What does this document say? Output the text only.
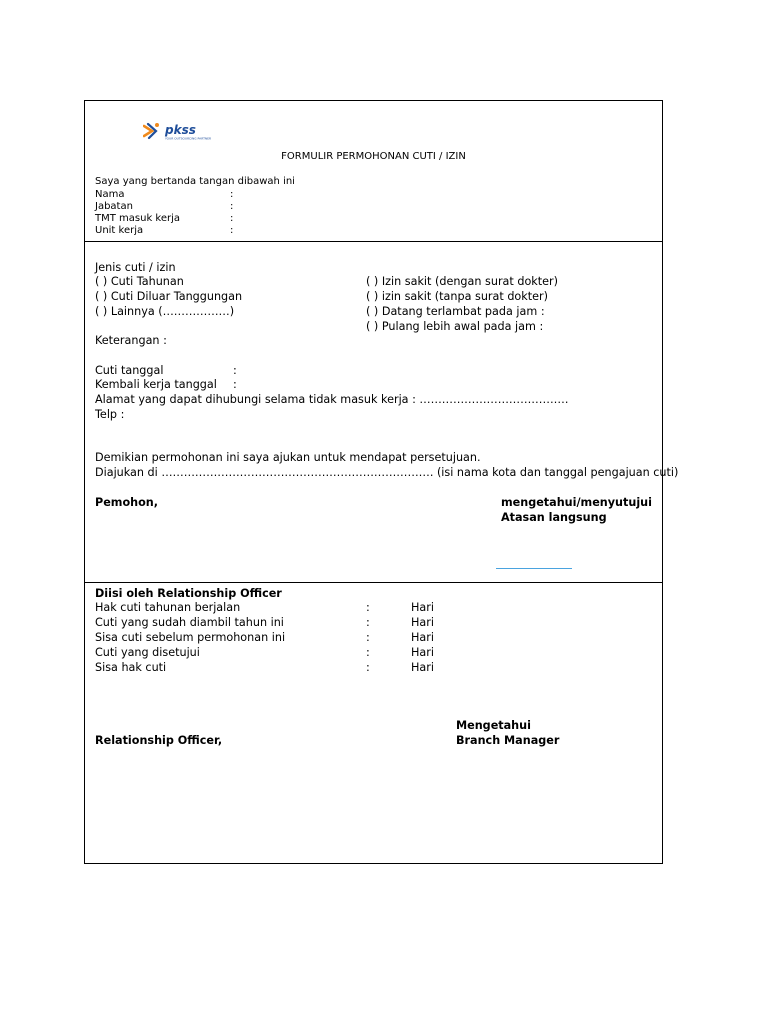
pkss
YOUR OUTSOURCING PARTNER
FORMULIR PERMOHONAN CUTI / IZIN
Saya yang bertanda tangan dibawah ini
Nama	:
Jabatan	:
TMT masuk kerja	:
Unit kerja	:
Jenis cuti / izin
( ) Cuti Tahunan
( ) Cuti Diluar Tanggungan
( ) Lainnya (………………)
( ) Izin sakit (dengan surat dokter)
( ) izin sakit (tanpa surat dokter)
( ) Datang terlambat pada jam :
( ) Pulang lebih awal pada jam :
Keterangan :
Cuti tanggal	:
Kembali kerja tanggal :
Alamat yang dapat dihubungi selama tidak masuk kerja : ………………………………….
Telp :
Demikian permohonan ini saya ajukan untuk mendapat persetujuan.
Diajukan di ………………………………………………………………. (isi nama kota dan tanggal pengajuan cuti)
Pemohon,	mengetahui/menyutujui
Atasan langsung
Diisi oleh Relationship Officer
Hak cuti tahunan berjalan	:	Hari
Cuti yang sudah diambil tahun ini	:	Hari
Sisa cuti sebelum permohonan ini	:	Hari
Cuti yang disetujui	:	Hari
Sisa hak cuti	:	Hari
Mengetahui
Relationship Officer,	Branch Manager
